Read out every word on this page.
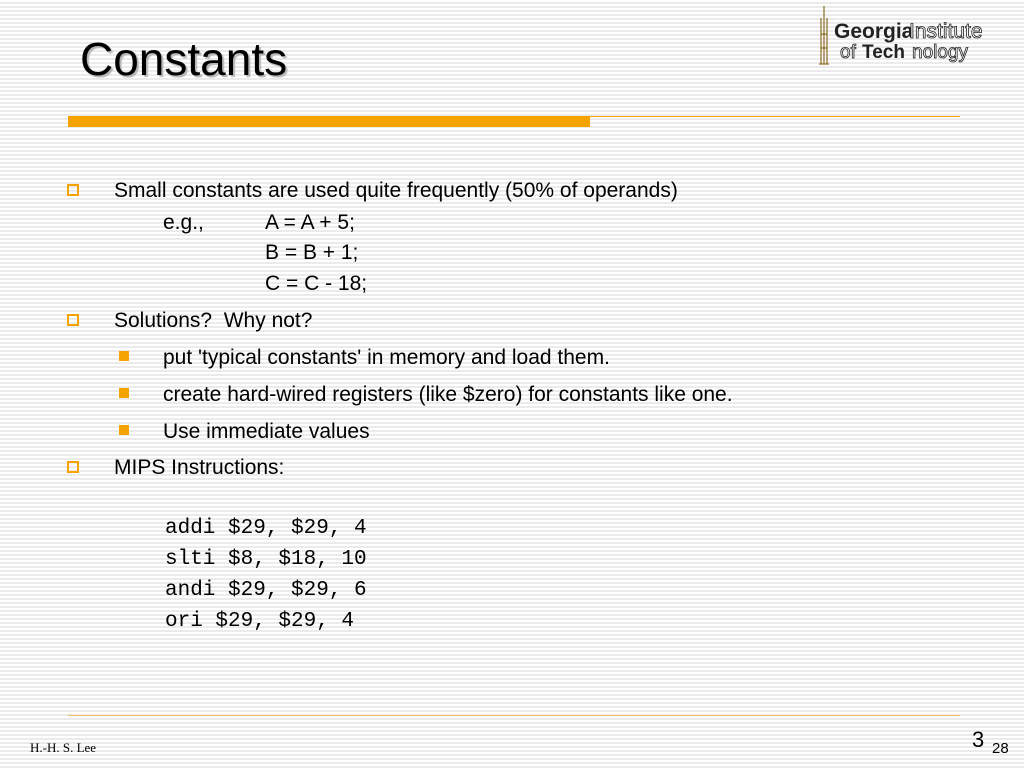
Constants
Georgia
Institute
of Tech nology
Small constants are used quite frequently (50% of operands)
e.g.,	A = A + 5;
B = B + 1;
C = C - 18;
Solutions?  Why not?
put 'typical constants' in memory and load them.
create hard-wired registers (like $zero) for constants like one.
Use immediate values
MIPS Instructions:
addi $29, $29, 4
slti $8, $18, 10
andi $29, $29, 6
ori $29, $29, 4
H.-H. S. Lee	3 28
